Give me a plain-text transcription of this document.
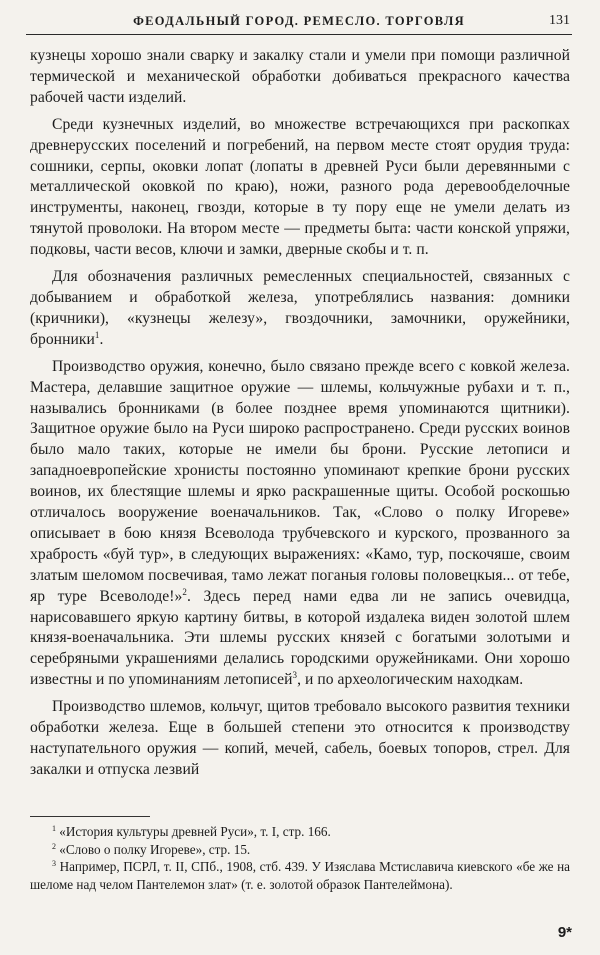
ФЕОДАЛЬНЫЙ ГОРОД. РЕМЕСЛО. ТОРГОВЛЯ	131

кузнецы хорошо знали сварку и закалку стали и умели при помощи различной термической и механической обработки добиваться прекрасного качества рабочей части изделий.

Среди кузнечных изделий, во множестве встречающихся при раскопках древнерусских поселений и погребений, на первом месте стоят орудия труда: сошники, серпы, оковки лопат (лопаты в древней Руси были деревянными с металлической оковкой по краю), ножи, разного рода деревообделочные инструменты, наконец, гвозди, которые в ту пору еще не умели делать из тянутой проволоки. На втором месте — предметы быта: части конской упряжи, подковы, части весов, ключи и замки, дверные скобы и т. п.

Для обозначения различных ремесленных специальностей, связанных с добыванием и обработкой железа, употреблялись названия: домники (кричники), «кузнецы железу», гвоздочники, замочники, оружейники, бронники$^1$.

Производство оружия, конечно, было связано прежде всего с ковкой железа. Мастера, делавшие защитное оружие — шлемы, кольчужные рубахи и т. п., назывались бронниками (в более позднее время упоминаются щитники). Защитное оружие было на Руси широко распространено. Среди русских воинов было мало таких, которые не имели бы брони. Русские летописи и западноевропейские хронисты постоянно упоминают крепкие брони русских воинов, их блестящие шлемы и ярко раскрашенные щиты. Особой роскошью отличалось вооружение военачальников. Так, «Слово о полку Игореве» описывает в бою князя Всеволода трубчевского и курского, прозванного за храбрость «буй тур», в следующих выражениях: «Камо, тур, поскочяше, своим златым шеломом посвечивая, тамо лежат поганыя головы половецкыя... от тебе, яр туре Всеволоде!»$^2$. Здесь перед нами едва ли не запись очевидца, нарисовавшего яркую картину битвы, в которой издалека виден золотой шлем князя-военачальника. Эти шлемы русских князей с богатыми золотыми и серебряными украшениями делались городскими оружейниками. Они хорошо известны и по упоминаниям летописей$^3$, и по археологическим находкам.

Производство шлемов, кольчуг, щитов требовало высокого развития техники обработки железа. Еще в большей степени это относится к производству наступательного оружия — копий, мечей, сабель, боевых топоров, стрел. Для закалки и отпуска лезвий

$^1$ «История культуры древней Руси», т. I, стр. 166.

$^2$ «Слово о полку Игореве», стр. 15.

$^3$ Например, ПСРЛ, т. II, СПб., 1908, стб. 439. У Изяслава Мстиславича киевского «бе же на шеломе над челом Пантелемон злат» (т. е. золотой образок Пантелеймона).

9*
